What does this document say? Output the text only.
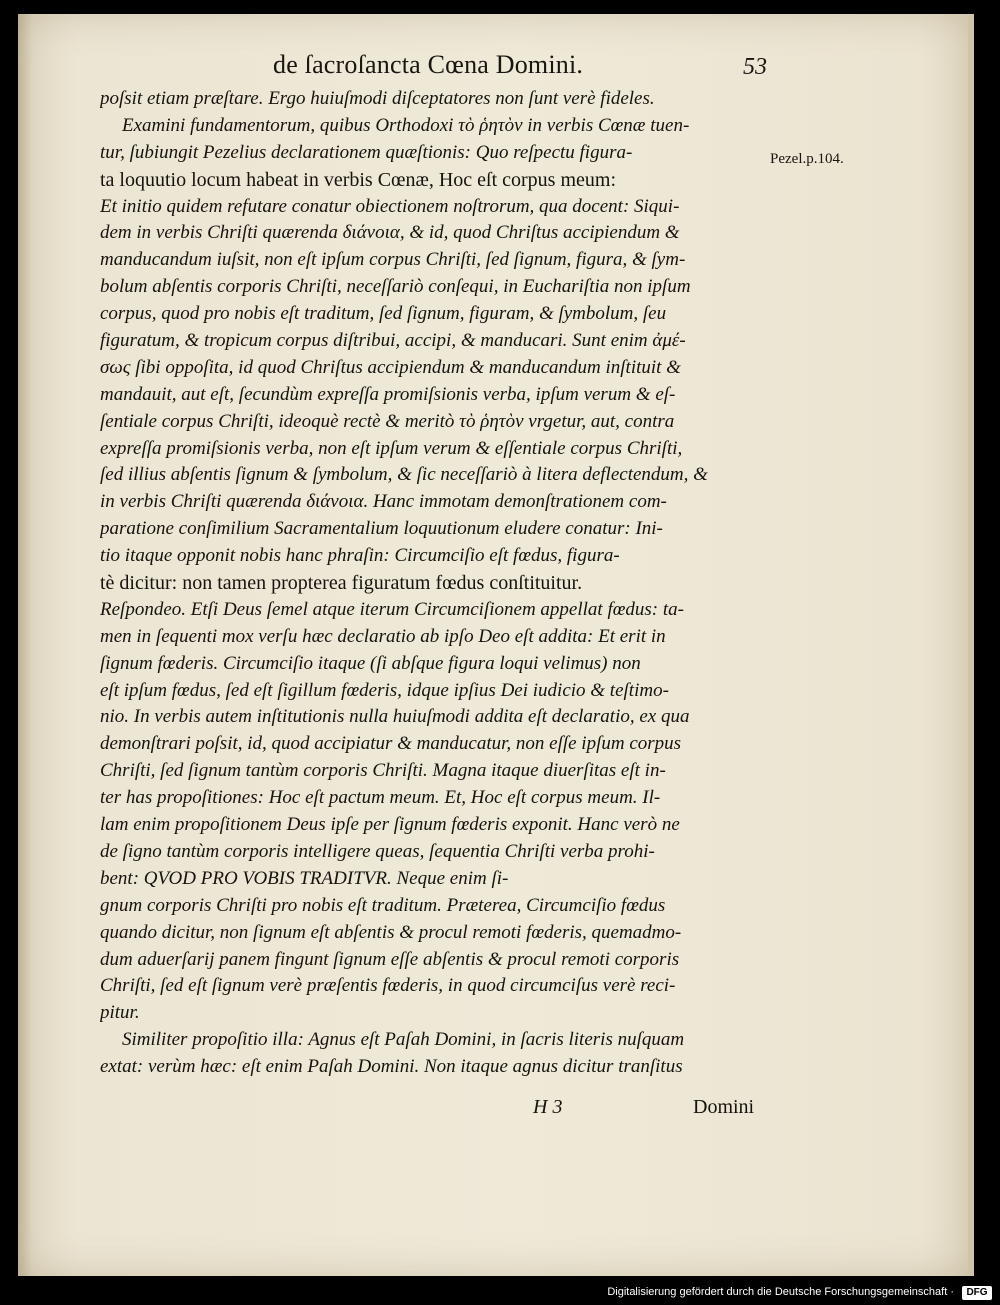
de ſacroſancta Cœna Domini.	53
Pezel.p.104.
poſsit etiam præſtare. Ergo huiuſmodi diſceptatores non ſunt verè fideles.
Examini fundamentorum, quibus Orthodoxi τὸ ῥητὸν in verbis Cœnæ tuen-
tur, ſubiungit Pezelius declarationem quæſtionis: Quo reſpectu figura-
ta loquutio locum habeat in verbis Cœnæ, Hoc eſt corpus meum:
Et initio quidem refutare conatur obiectionem noſtrorum, qua docent: Siqui-
dem in verbis Chriſti quærenda διάνοια, & id, quod Chriſtus accipiendum &
manducandum iuſsit, non eſt ipſum corpus Chriſti, ſed ſignum, figura, & ſym-
bolum abſentis corporis Chriſti, neceſſariò conſequi, in Euchariſtia non ipſum
corpus, quod pro nobis eſt traditum, ſed ſignum, figuram, & ſymbolum, ſeu
figuratum, & tropicum corpus diſtribui, accipi, & manducari. Sunt enim ἀμέ-
σως ſibi oppoſita, id quod Chriſtus accipiendum & manducandum inſtituit &
mandauit, aut eſt, ſecundùm expreſſa promiſsionis verba, ipſum verum & eſ-
ſentiale corpus Chriſti, ideoquè rectè & meritò τὸ ῥητὸν vrgetur, aut, contra
expreſſa promiſsionis verba, non eſt ipſum verum & eſſentiale corpus Chriſti,
ſed illius abſentis ſignum & ſymbolum, & ſic neceſſariò à litera deflectendum, &
in verbis Chriſti quærenda διάνοια. Hanc immotam demonſtrationem com-
paratione conſimilium Sacramentalium loquutionum eludere conatur: Ini-
tio itaque opponit nobis hanc phraſin: Circumciſio eſt fœdus, figura-
tè dicitur: non tamen propterea figuratum fœdus conſtituitur.
Reſpondeo. Etſi Deus ſemel atque iterum Circumciſionem appellat fœdus: ta-
men in ſequenti mox verſu hæc declaratio ab ipſo Deo eſt addita: Et erit in
ſignum fœderis. Circumciſio itaque (ſi abſque figura loqui velimus) non
eſt ipſum fœdus, ſed eſt ſigillum fœderis, idque ipſius Dei iudicio & teſtimo-
nio. In verbis autem inſtitutionis nulla huiuſmodi addita eſt declaratio, ex qua
demonſtrari poſsit, id, quod accipiatur & manducatur, non eſſe ipſum corpus
Chriſti, ſed ſignum tantùm corporis Chriſti. Magna itaque diuerſitas eſt in-
ter has propoſitiones: Hoc eſt pactum meum. Et, Hoc eſt corpus meum. Il-
lam enim propoſitionem Deus ipſe per ſignum fœderis exponit. Hanc verò ne
de ſigno tantùm corporis intelligere queas, ſequentia Chriſti verba prohi-
bent: QVOD PRO VOBIS TRADITVR. Neque enim ſi-
gnum corporis Chriſti pro nobis eſt traditum. Præterea, Circumciſio fœdus
quando dicitur, non ſignum eſt abſentis & procul remoti fœderis, quemadmo-
dum aduerſarij panem fingunt ſignum eſſe abſentis & procul remoti corporis
Chriſti, ſed eſt ſignum verè præſentis fœderis, in quod circumciſus verè reci-
pitur.
Similiter propoſitio illa: Agnus eſt Paſah Domini, in ſacris literis nuſquam
extat: verùm hæc: eſt enim Paſah Domini. Non itaque agnus dicitur tranſitus
H 3	Domini
Digitalisierung gefördert durch die Deutsche Forschungsgemeinschaft ·	DFG
